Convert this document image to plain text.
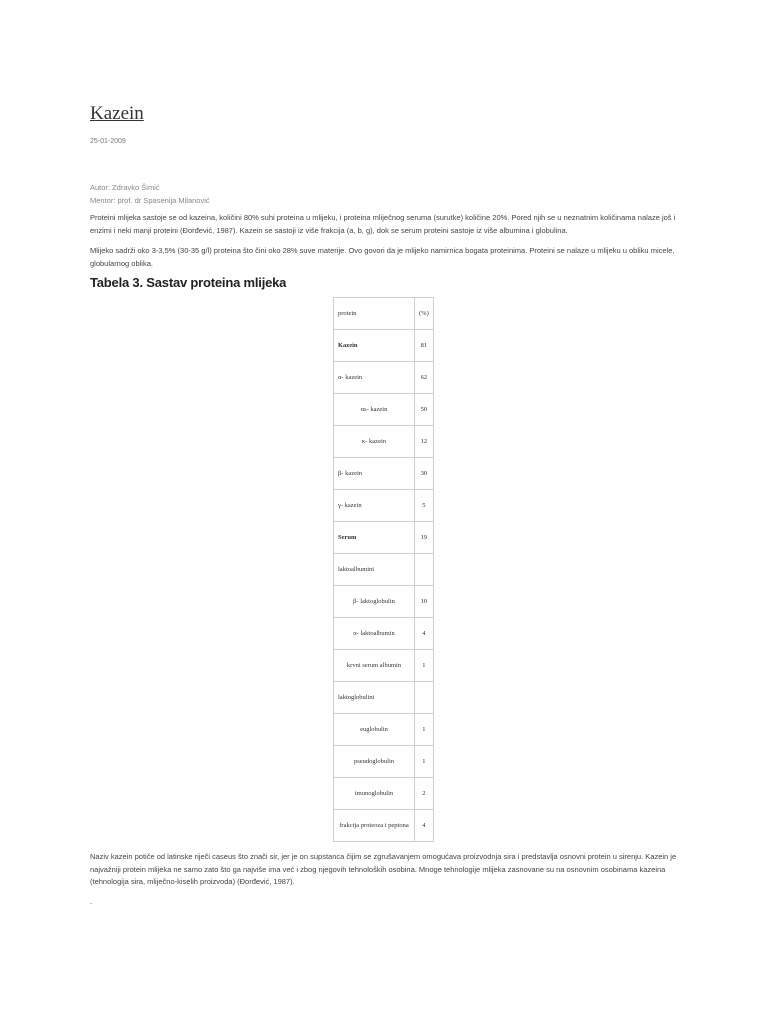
Kazein
25-01-2009
Autor: Zdravko Šimić
Mentor: prof. dr Spasenija Milanović

Proteini mlijeka sastoje se od kazeina, količini 80% suhi proteina u mlijeku, i proteina mliječnog seruma (surutke) količine 20%. Pored njih se u neznatnim količinama nalaze još i enzimi i neki manji proteini (Đorđević, 1987). Kazein se sastoji iz više frakcija (a, b, g), dok se serum proteini sastoje iz više albumina i globulina.

Mlijeko sadrži oko 3-3,5% (30-35 g/l) proteina što čini oko 28% suve materije. Ovo govori da je mlijeko namirnica bogata proteinima. Proteini se nalaze u mlijeku u obliku micele, globularnog oblika.

Tabela 3. Sastav proteina mlijeka
protein	(%)
Kazein	81
α- kazein	62
αs- kazein	50
κ- kazein	12
β- kazein	30
γ- kazein	5
Serum	19
laktoalbumini	
β- laktoglobulin	10
α- laktoalbumin	4
krvni serum albumin	1
laktoglobulini	
euglobulin	1
pseudoglobulin	1
imunoglobulin	2
frakcija proteoza i peptona	4

Naziv kazein potiče od latinske riječi caseus što znači sir, jer je on supstanca čijim se zgrušavanjem omogućava proizvodnja sira i predstavlja osnovni protein u sirenju. Kazein je najvažniji protein mlijeka ne samo zato što ga najviše ima već i zbog njegovih tehnoloških osobina. Mnoge tehnologije mlijeka zasnovane su na osnovnim osobinama kazeina (tehnologija sira, mliječno-kiselih proizvoda) (Đorđević, 1987).

.
